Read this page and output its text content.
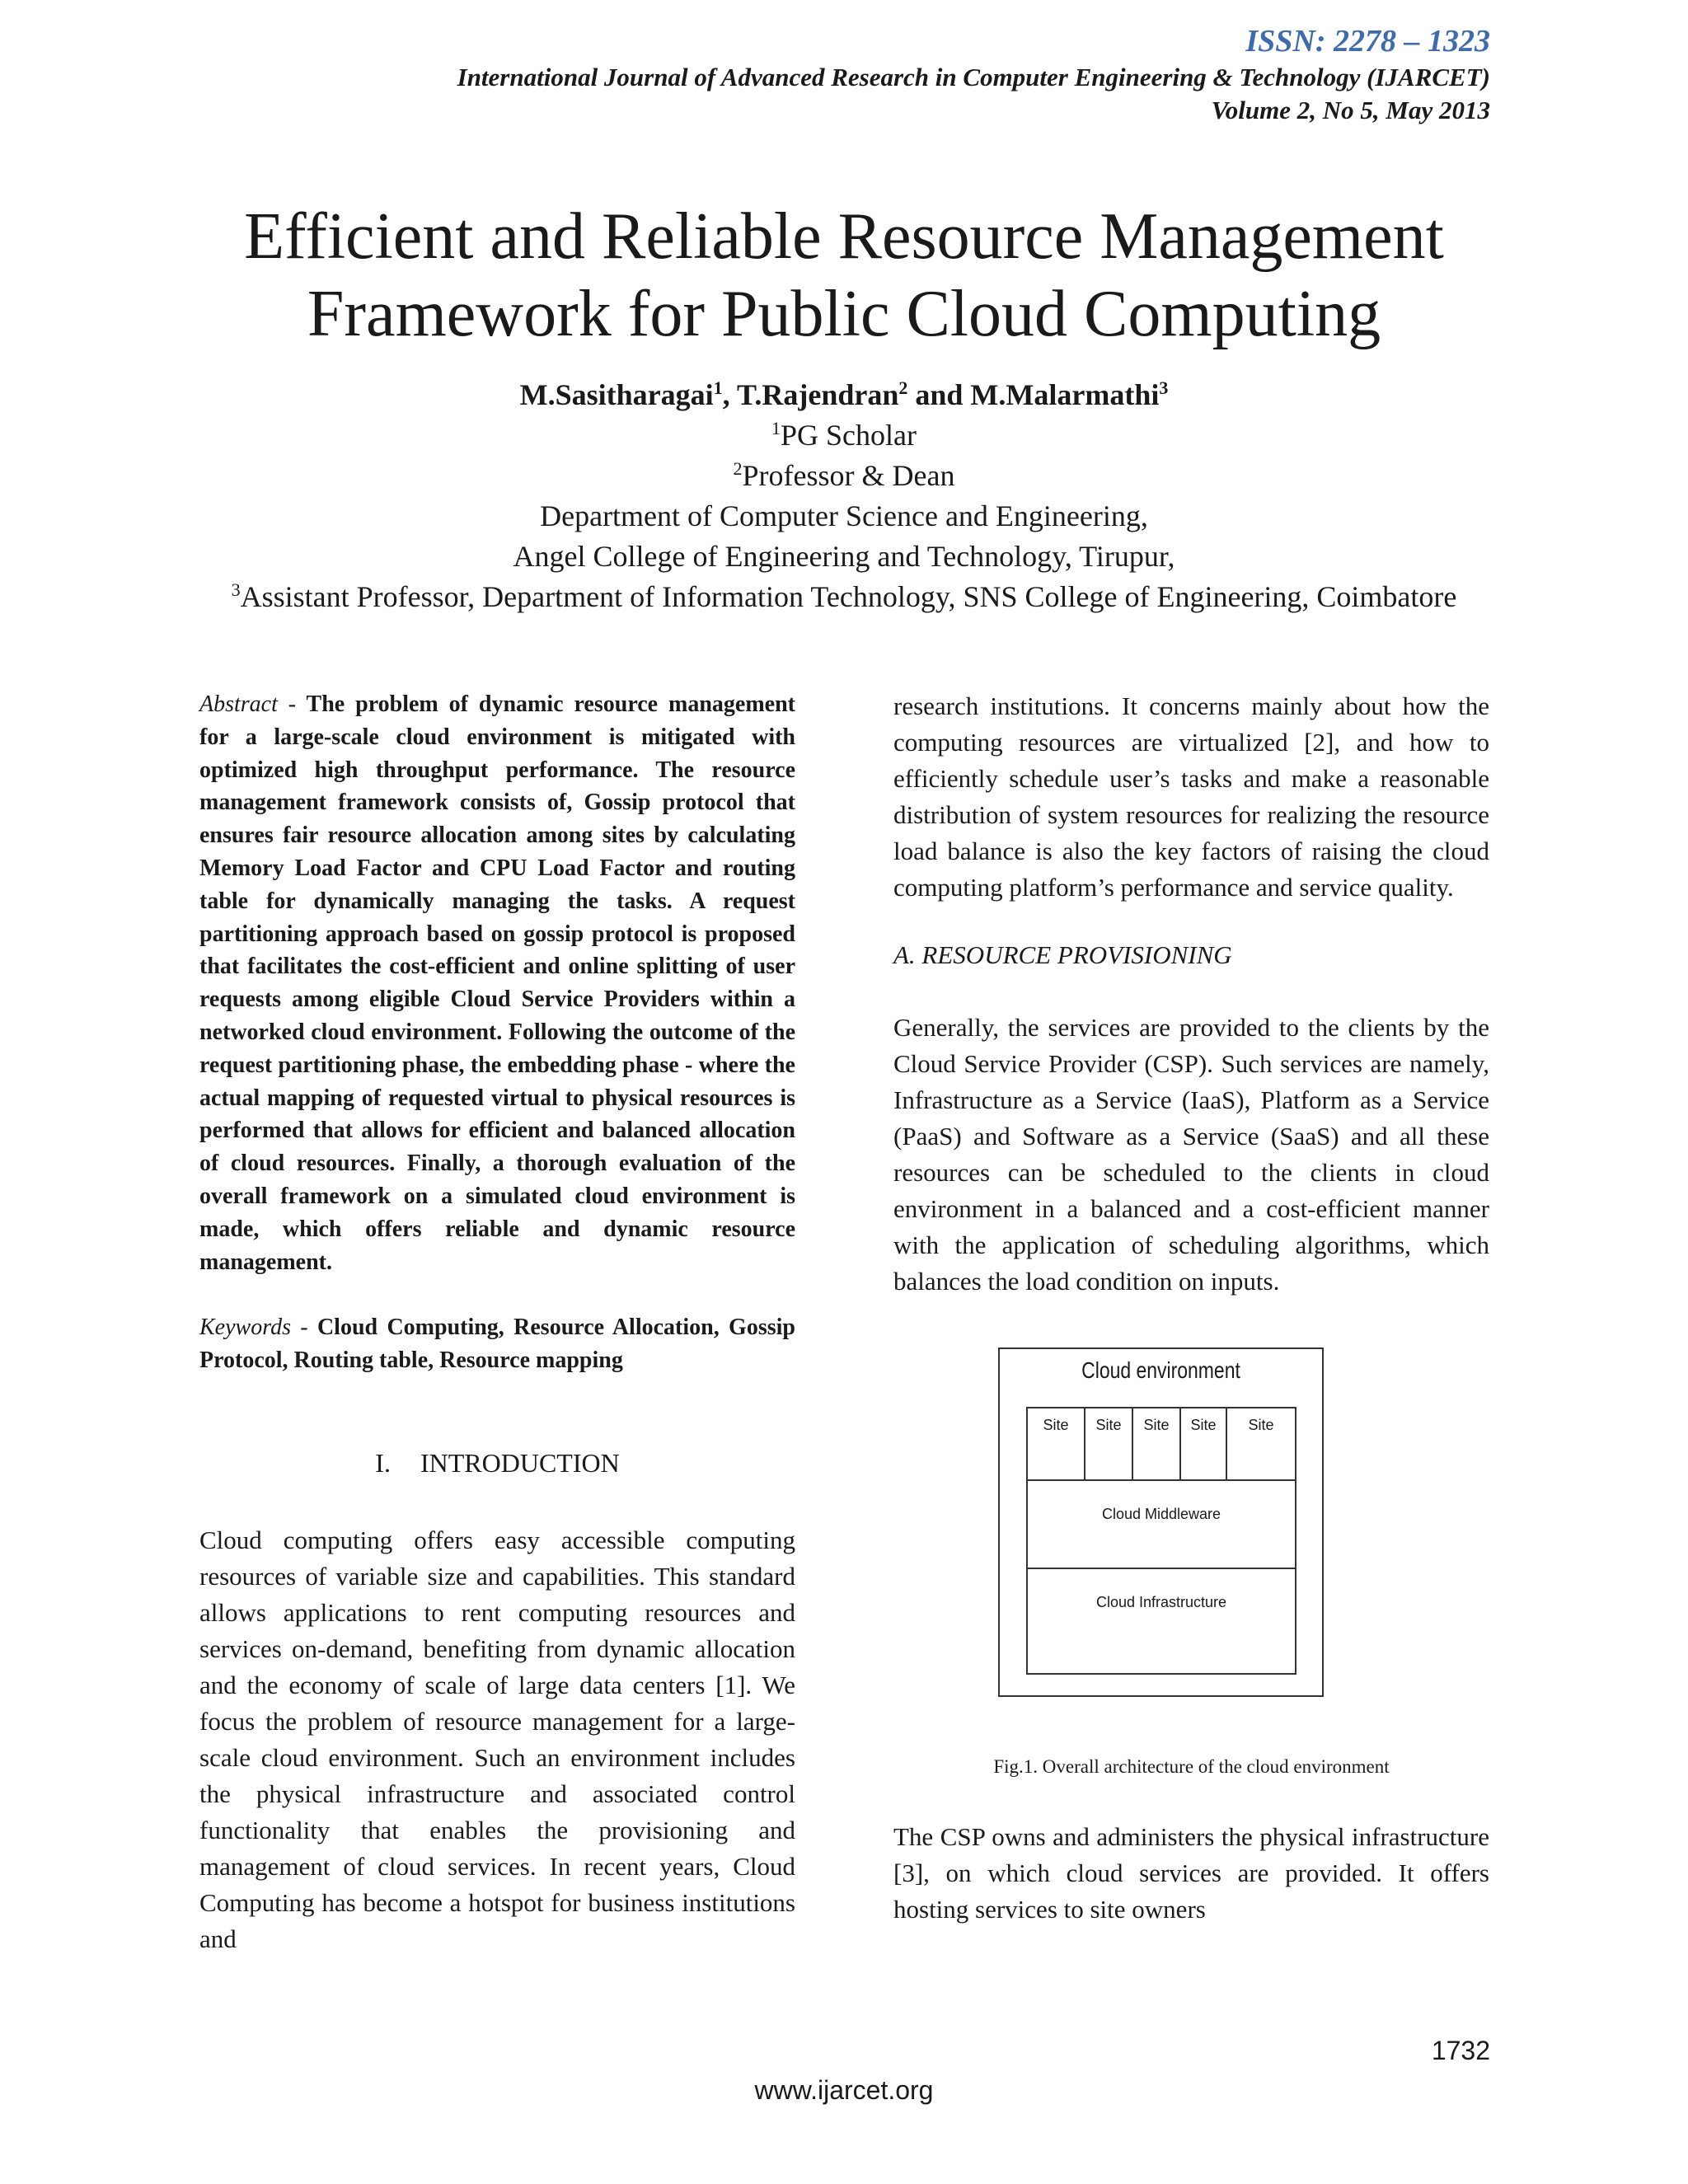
ISSN: 2278 – 1323
International Journal of Advanced Research in Computer Engineering & Technology (IJARCET)
Volume 2, No 5, May 2013
Efficient and Reliable Resource Management
Framework for Public Cloud Computing
M.Sasitharagai$^1$, T.Rajendran$^2$ and M.Malarmathi$^3$
$^1$PG Scholar
$^2$Professor & Dean
Department of Computer Science and Engineering,
Angel College of Engineering and Technology, Tirupur,
$^3$Assistant Professor, Department of Information Technology, SNS College of Engineering, Coimbatore

Abstract - The problem of dynamic resource management for a large-scale cloud environment is mitigated with optimized high throughput performance. The resource management framework consists of, Gossip protocol that ensures fair resource allocation among sites by calculating Memory Load Factor and CPU Load Factor and routing table for dynamically managing the tasks. A request partitioning approach based on gossip protocol is proposed that facilitates the cost-efficient and online splitting of user requests among eligible Cloud Service Providers within a networked cloud environment. Following the outcome of the request partitioning phase, the embedding phase - where the actual mapping of requested virtual to physical resources is performed that allows for efficient and balanced allocation of cloud resources. Finally, a thorough evaluation of the overall framework on a simulated cloud environment is made, which offers reliable and dynamic resource management.

Keywords - Cloud Computing, Resource Allocation, Gossip Protocol, Routing table, Resource mapping

I. INTRODUCTION

Cloud computing offers easy accessible computing resources of variable size and capabilities. This standard allows applications to rent computing resources and services on-demand, benefiting from dynamic allocation and the economy of scale of large data centers [1]. We focus the problem of resource management for a large-scale cloud environment. Such an environment includes the physical infrastructure and associated control functionality that enables the provisioning and management of cloud services. In recent years, Cloud Computing has become a hotspot for business institutions and

research institutions. It concerns mainly about how the computing resources are virtualized [2], and how to efficiently schedule user’s tasks and make a reasonable distribution of system resources for realizing the resource load balance is also the key factors of raising the cloud computing platform’s performance and service quality.

A. RESOURCE PROVISIONING

Generally, the services are provided to the clients by the Cloud Service Provider (CSP). Such services are namely, Infrastructure as a Service (IaaS), Platform as a Service (PaaS) and Software as a Service (SaaS) and all these resources can be scheduled to the clients in cloud environment in a balanced and a cost-efficient manner with the application of scheduling algorithms, which balances the load condition on inputs.

Cloud environment
Site	Site	Site	Site	Site
Cloud Middleware
Cloud Infrastructure
Fig.1. Overall architecture of the cloud environment

The CSP owns and administers the physical infrastructure [3], on which cloud services are provided. It offers hosting services to site owners

1732
www.ijarcet.org
